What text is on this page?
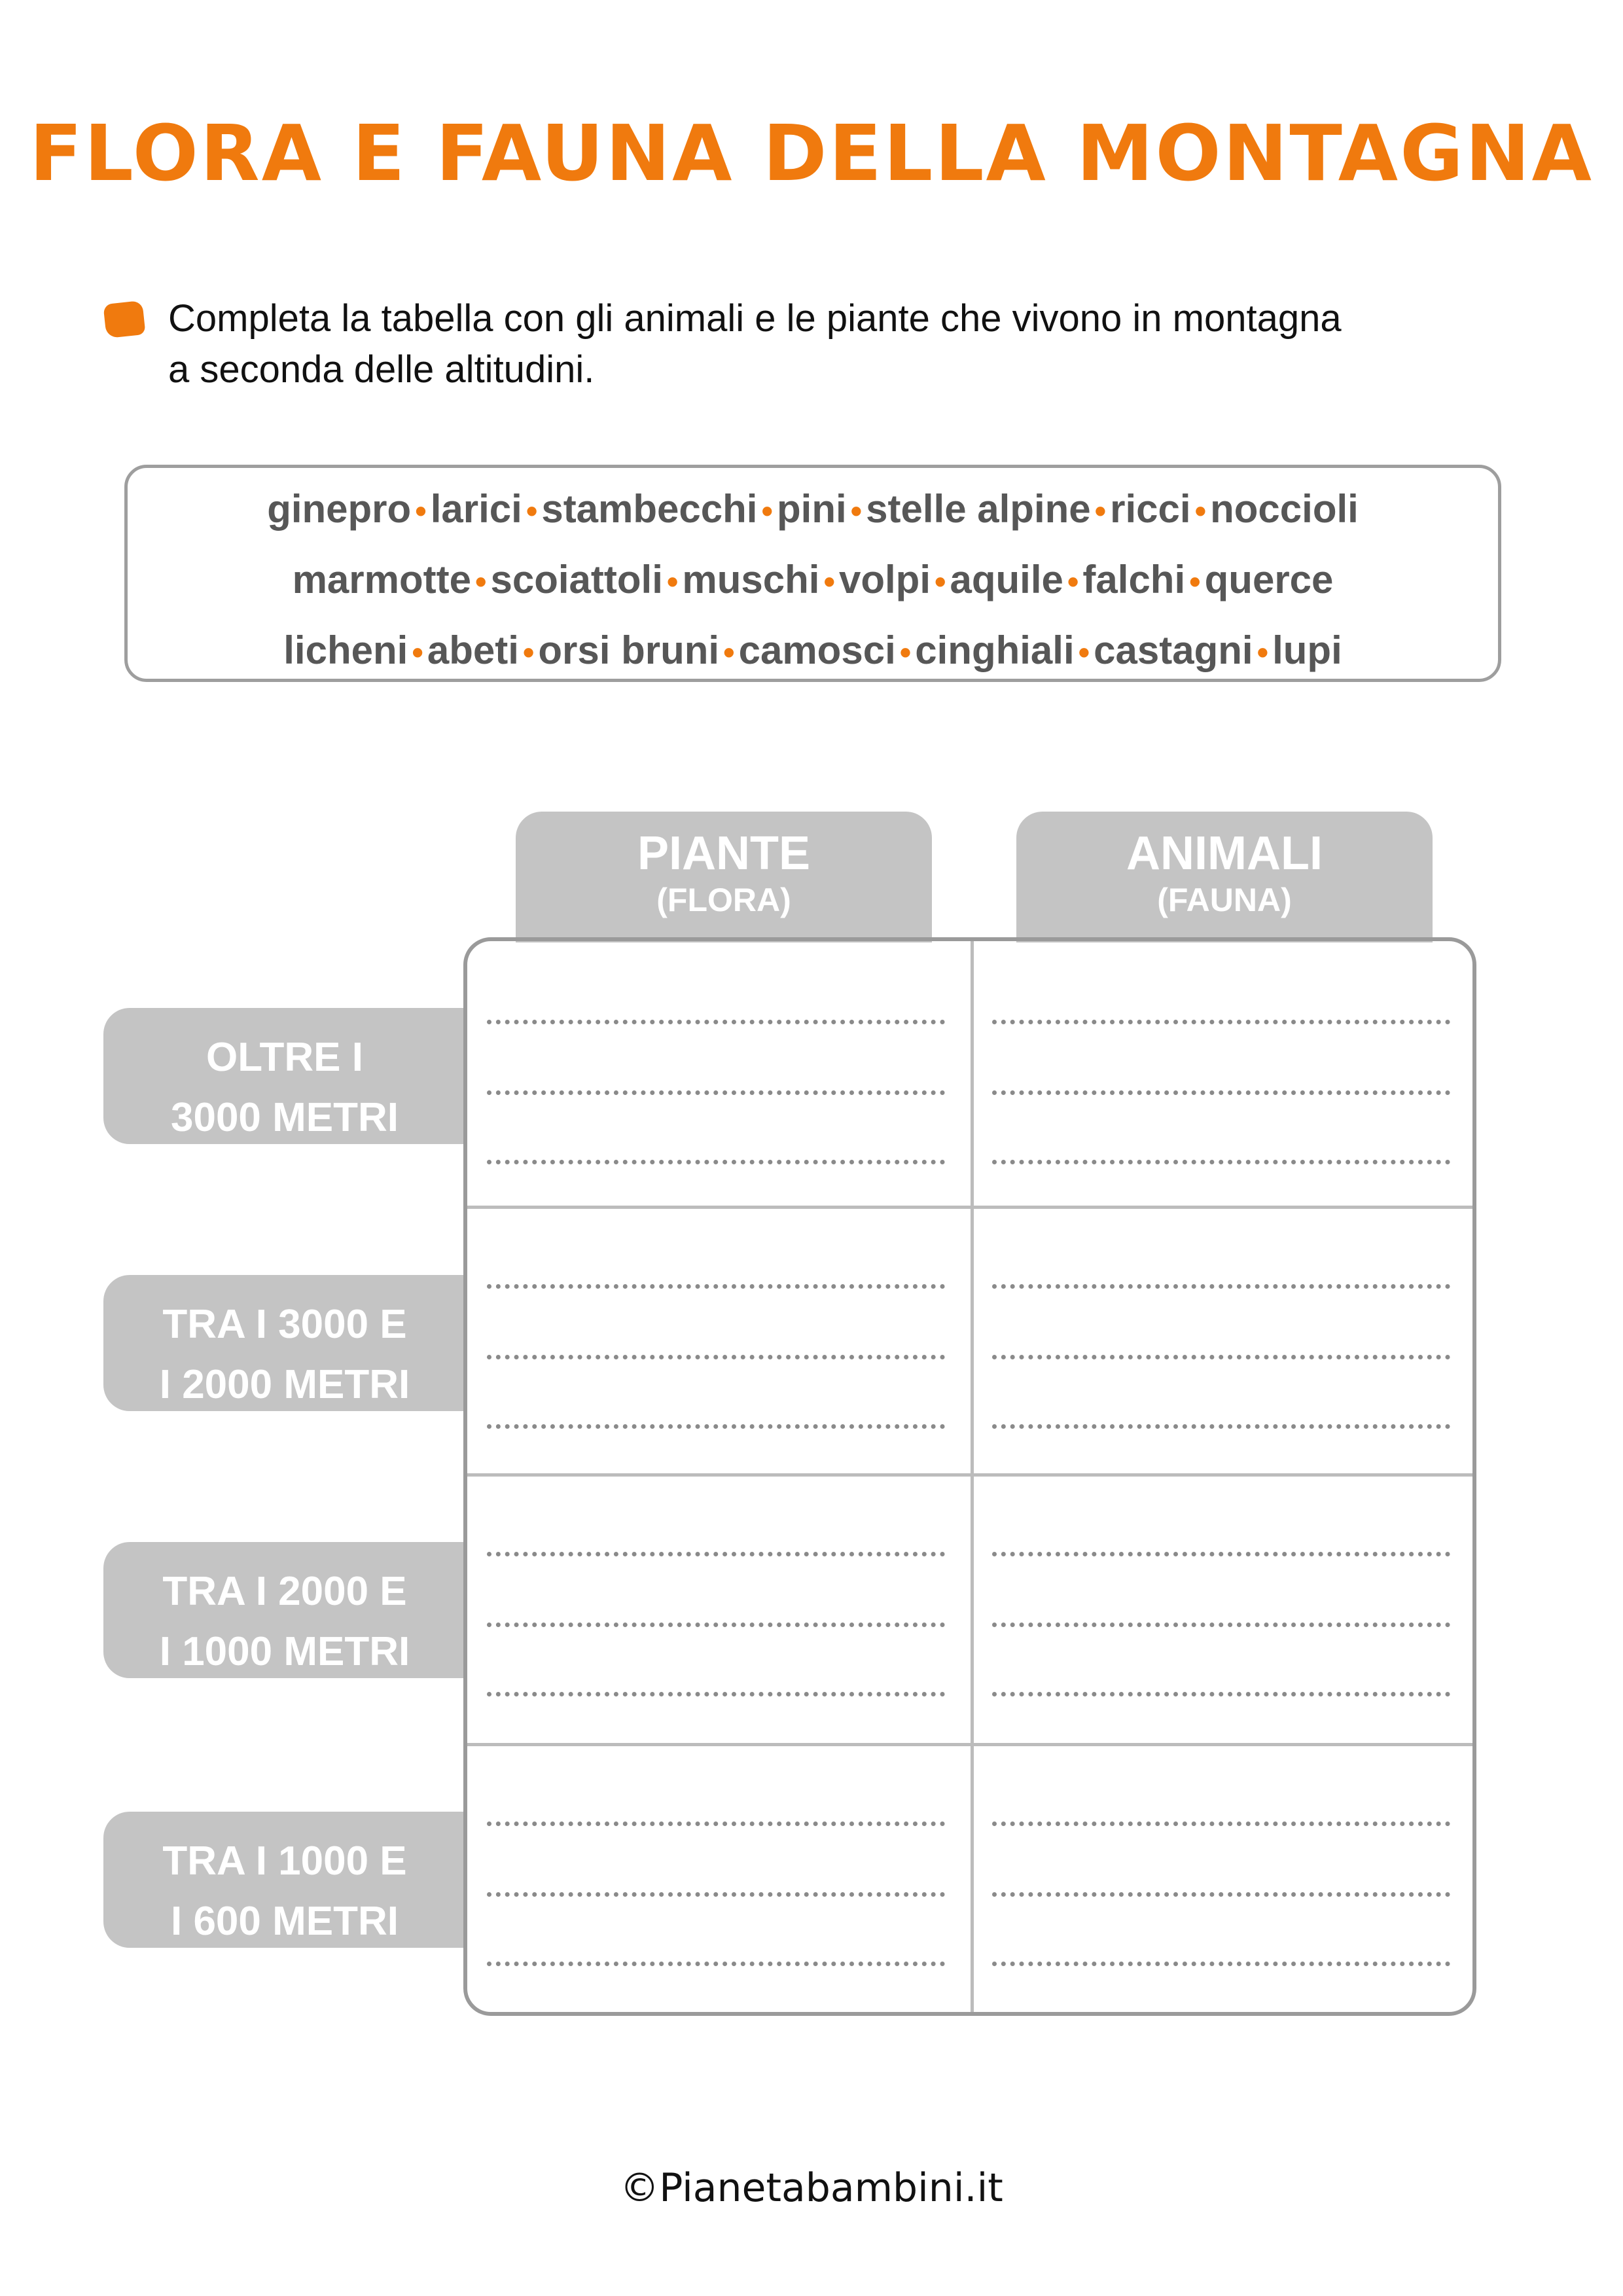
FLORA E FAUNA DELLA MONTAGNA
Completa la tabella con gli animali e le piante che vivono in montagna
a seconda delle altitudini.
ginepro • larici • stambecchi • pini • stelle alpine • ricci • noccioli
marmotte • scoiattoli • muschi • volpi • aquile • falchi • querce
licheni • abeti • orsi bruni • camosci • cinghiali • castagni • lupi
PIANTE
(FLORA)
ANIMALI
(FAUNA)
OLTRE I
3000 METRI
TRA I 3000 E
I 2000 METRI
TRA I 2000 E
I 1000 METRI
TRA I 1000 E
I 600 METRI
©Pianetabambini.it
